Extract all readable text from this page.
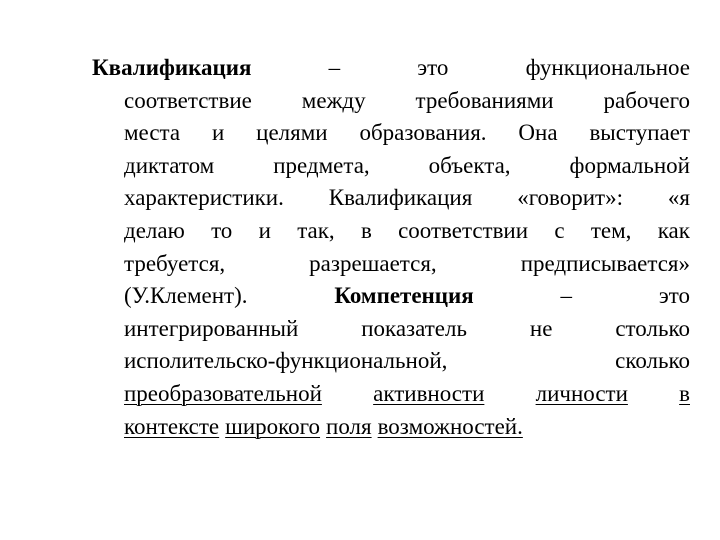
Квалификация	–	это	функциональное
соответствие между требованиями рабочего
места и целями образования. Она выступает
диктатом	предмета,	объекта,	формальной
характеристики. Квалификация «говорит»: «я
делаю то и так, в соответствии с тем, как
требуется,	разрешается,	предписывается»
(У.Клемент).	Компетенция	–	это
интегрированный	показатель	не	столько
исполительско-функциональной,	сколько
преобразовательной активности личности в
контексте широкого поля возможностей.
